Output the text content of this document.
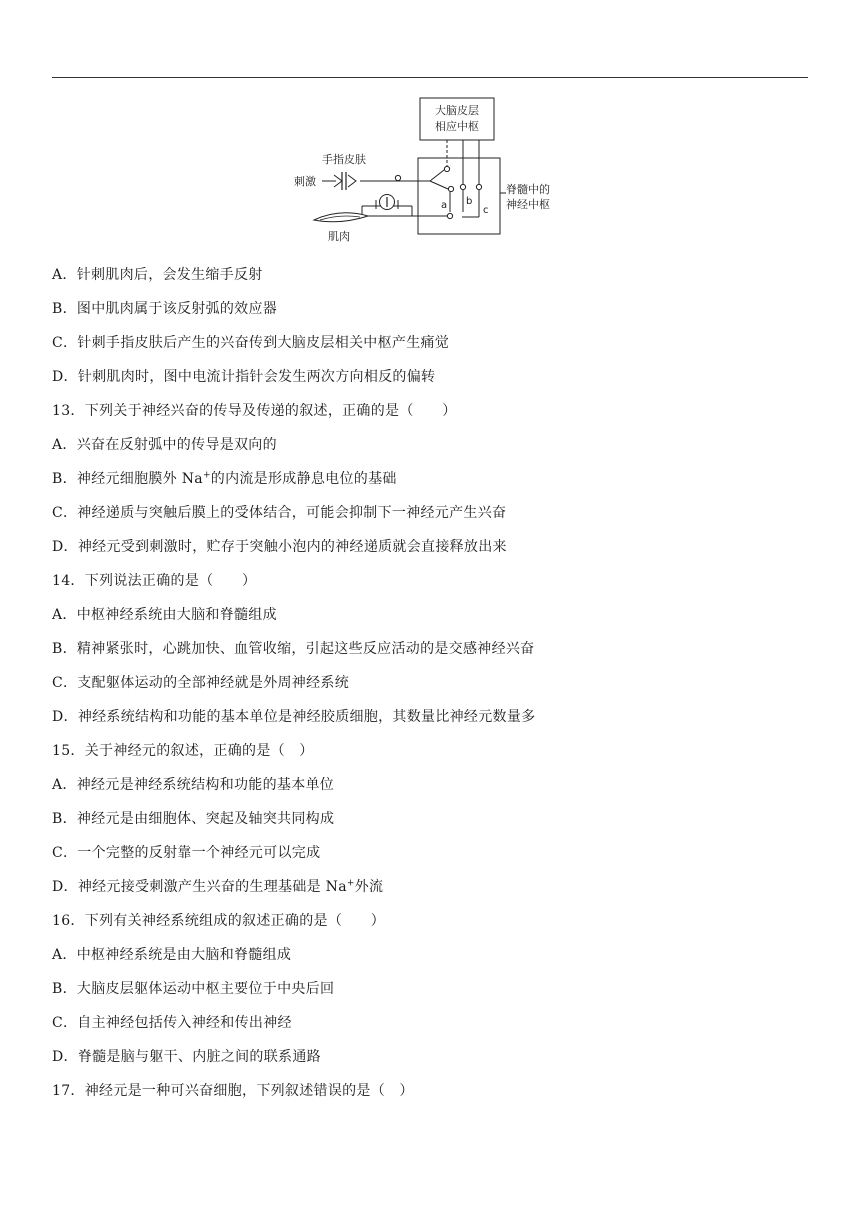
大脑皮层
相应中枢
a b
c
肌肉
手指皮肤
刺激
脊髓中的
神经中枢
A．针刺肌肉后，会发生缩手反射
B．图中肌肉属于该反射弧的效应器
C．针刺手指皮肤后产生的兴奋传到大脑皮层相关中枢产生痛觉
D．针刺肌肉时，图中电流计指针会发生两次方向相反的偏转
13．下列关于神经兴奋的传导及传递的叙述，正确的是（　　）
A．兴奋在反射弧中的传导是双向的
B．神经元细胞膜外 Na+的内流是形成静息电位的基础
C．神经递质与突触后膜上的受体结合，可能会抑制下一神经元产生兴奋
D．神经元受到刺激时，贮存于突触小泡内的神经递质就会直接释放出来
14．下列说法正确的是（　　）
A．中枢神经系统由大脑和脊髓组成
B．精神紧张时，心跳加快、血管收缩，引起这些反应活动的是交感神经兴奋
C．支配躯体运动的全部神经就是外周神经系统
D．神经系统结构和功能的基本单位是神经胶质细胞，其数量比神经元数量多
15．关于神经元的叙述，正确的是（　）
A．神经元是神经系统结构和功能的基本单位
B．神经元是由细胞体、突起及轴突共同构成
C．一个完整的反射靠一个神经元可以完成
D．神经元接受刺激产生兴奋的生理基础是 Na+外流
16．下列有关神经系统组成的叙述正确的是（　　）
A．中枢神经系统是由大脑和脊髓组成
B．大脑皮层躯体运动中枢主要位于中央后回
C．自主神经包括传入神经和传出神经
D．脊髓是脑与躯干、内脏之间的联系通路
17．神经元是一种可兴奋细胞，下列叙述错误的是（　）
